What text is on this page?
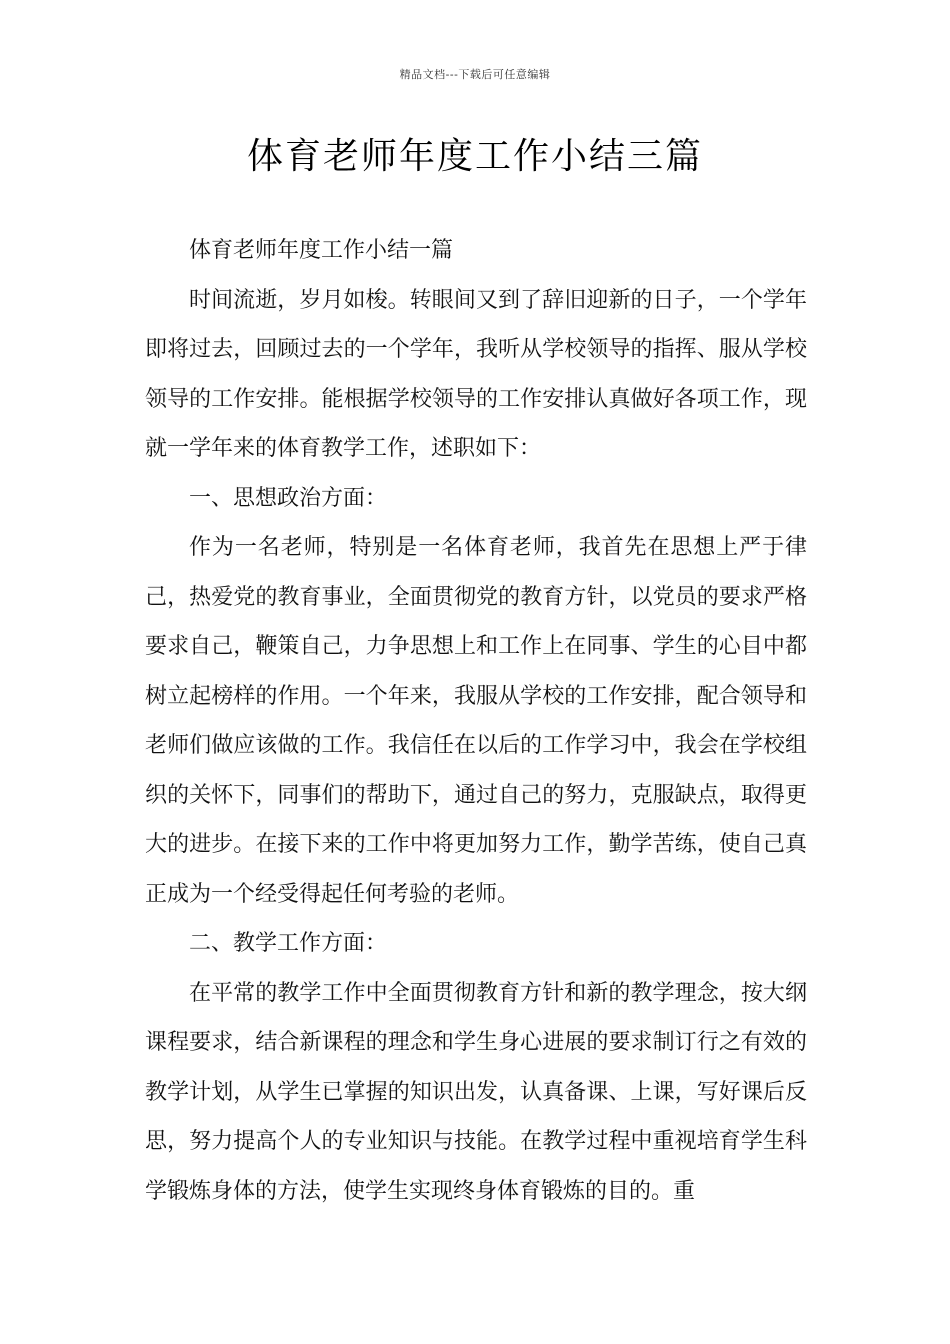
精品文档---下载后可任意编辑
体育老师年度工作小结三篇

体育老师年度工作小结一篇

时间流逝，岁月如梭。转眼间又到了辞旧迎新的日子，一个学年即将过去，回顾过去的一个学年，我听从学校领导的指挥、服从学校领导的工作安排。能根据学校领导的工作安排认真做好各项工作，现就一学年来的体育教学工作，述职如下：

一、思想政治方面：

作为一名老师，特别是一名体育老师，我首先在思想上严于律己，热爱党的教育事业，全面贯彻党的教育方针，以党员的要求严格要求自己，鞭策自己，力争思想上和工作上在同事、学生的心目中都树立起榜样的作用。一个年来，我服从学校的工作安排，配合领导和老师们做应该做的工作。我信任在以后的工作学习中，我会在学校组织的关怀下，同事们的帮助下，通过自己的努力，克服缺点，取得更大的进步。在接下来的工作中将更加努力工作，勤学苦练，使自己真正成为一个经受得起任何考验的老师。

二、教学工作方面：

在平常的教学工作中全面贯彻教育方针和新的教学理念，按大纲课程要求，结合新课程的理念和学生身心进展的要求制订行之有效的教学计划，从学生已掌握的知识出发，认真备课、上课，写好课后反思，努力提高个人的专业知识与技能。在教学过程中重视培育学生科学锻炼身体的方法，使学生实现终身体育锻炼的目的。重
